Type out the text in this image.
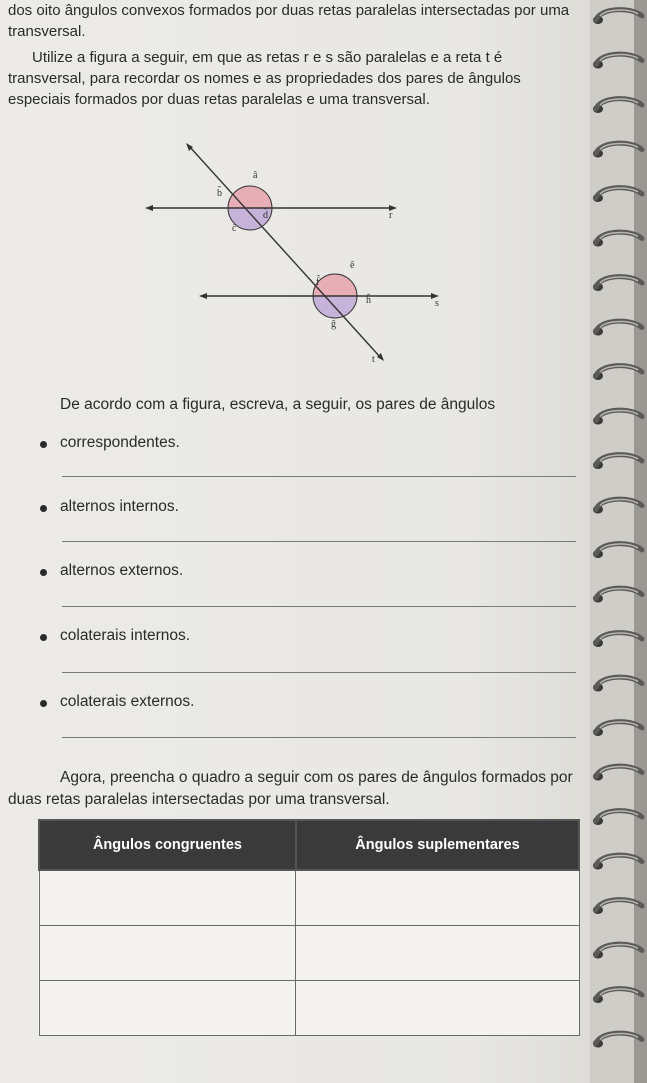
dos oito ângulos convexos formados por duas retas paralelas intersectadas por uma transversal.

Utilize a figura a seguir, em que as retas r e s são paralelas e a reta t é transversal, para recordar os nomes e as propriedades dos pares de ângulos especiais formados por duas retas paralelas e uma transversal.

â
b̂
ĉ
d̂
ê
f̂
ĝ
ĥ
r
s
t

De acordo com a figura, escreva, a seguir, os pares de ângulos

correspondentes.
alternos internos.
alternos externos.
colaterais internos.
colaterais externos.

Agora, preencha o quadro a seguir com os pares de ângulos formados por duas retas paralelas intersectadas por uma transversal.

Ângulos congruentes	Ângulos suplementares
